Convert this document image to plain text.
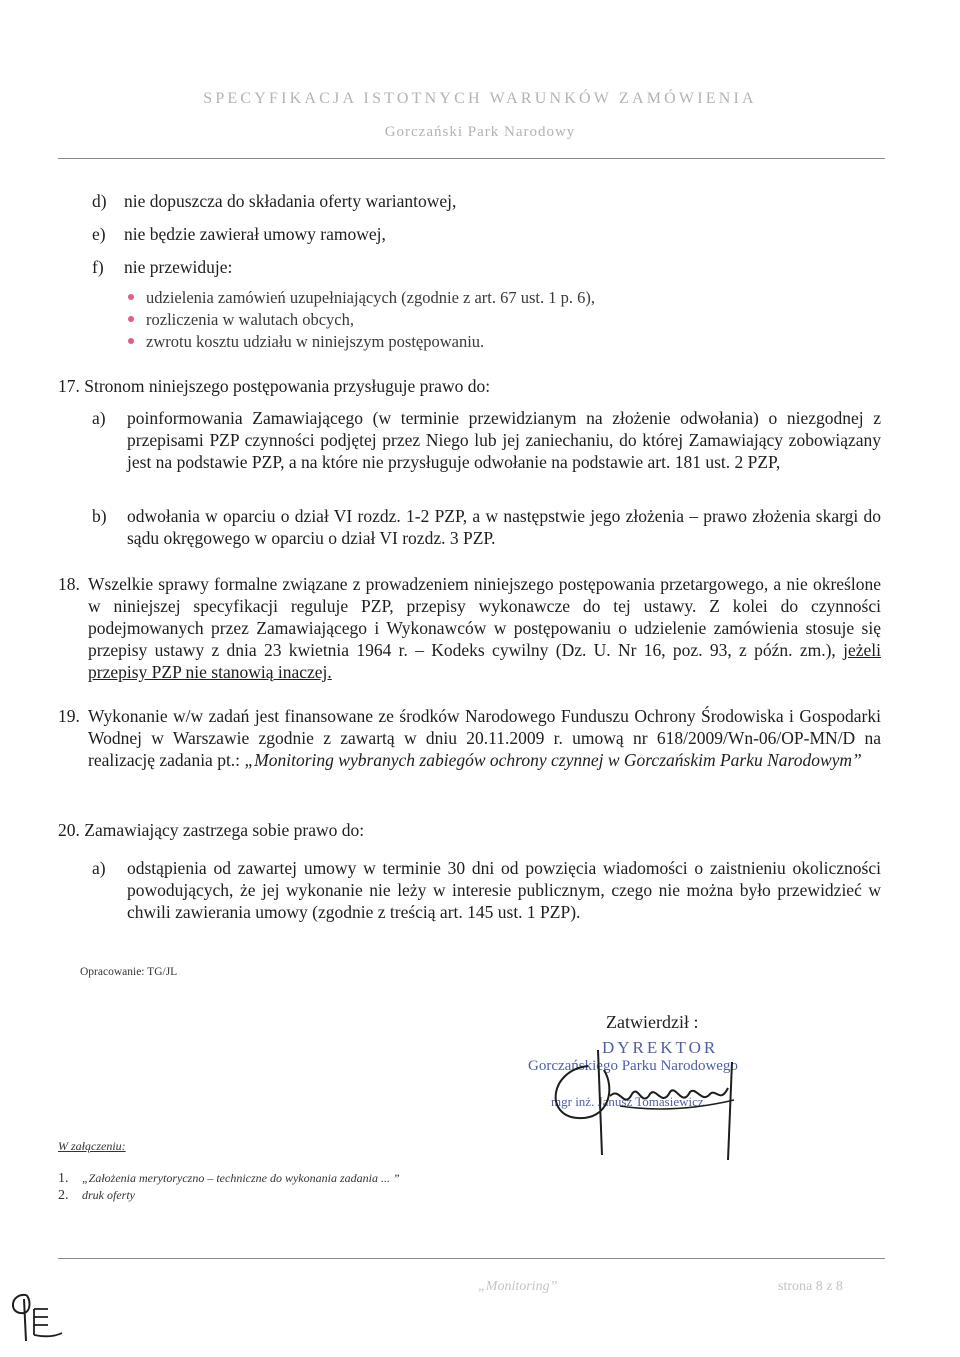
SPECYFIKACJA ISTOTNYCH WARUNKÓW ZAMÓWIENIA
Gorczański Park Narodowy
d) nie dopuszcza do składania oferty wariantowej,
e) nie będzie zawierał umowy ramowej,
f) nie przewiduje:
udzielenia zamówień uzupełniających (zgodnie z art. 67 ust. 1 p. 6),
rozliczenia w walutach obcych,
zwrotu kosztu udziału w niniejszym postępowaniu.
17. Stronom niniejszego postępowania przysługuje prawo do:
a) poinformowania Zamawiającego (w terminie przewidzianym na złożenie odwołania) o niezgodnej z przepisami PZP czynności podjętej przez Niego lub jej zaniechaniu, do której Zamawiający zobowiązany jest na podstawie PZP, a na które nie przysługuje odwołanie na podstawie art. 181 ust. 2 PZP,
b) odwołania w oparciu o dział VI rozdz. 1-2 PZP, a w następstwie jego złożenia – prawo złożenia skargi do sądu okręgowego w oparciu o dział VI rozdz. 3 PZP.
18. Wszelkie sprawy formalne związane z prowadzeniem niniejszego postępowania przetargowego, a nie określone w niniejszej specyfikacji reguluje PZP, przepisy wykonawcze do tej ustawy. Z kolei do czynności podejmowanych przez Zamawiającego i Wykonawców w postępowaniu o udzielenie zamówienia stosuje się przepisy ustawy z dnia 23 kwietnia 1964 r. – Kodeks cywilny (Dz. U. Nr 16, poz. 93, z późn. zm.), jeżeli przepisy PZP nie stanowią inaczej.
19. Wykonanie w/w zadań jest finansowane ze środków Narodowego Funduszu Ochrony Środowiska i Gospodarki Wodnej w Warszawie zgodnie z zawartą w dniu 20.11.2009 r. umową nr 618/2009/Wn-06/OP-MN/D na realizację zadania pt.: „Monitoring wybranych zabiegów ochrony czynnej w Gorczańskim Parku Narodowym”
20. Zamawiający zastrzega sobie prawo do:
a) odstąpienia od zawartej umowy w terminie 30 dni od powzięcia wiadomości o zaistnieniu okoliczności powodujących, że jej wykonanie nie leży w interesie publicznym, czego nie można było przewidzieć w chwili zawierania umowy (zgodnie z treścią art. 145 ust. 1 PZP).
Opracowanie: TG/JL
Zatwierdził :
DYREKTOR
Gorczańskiego Parku Narodowego
mgr inż. Janusz Tomasiewicz
W załączeniu:
1. „Założenia merytoryczno – techniczne do wykonania zadania ... ”
2. druk oferty
„Monitoring”	strona 8 z 8
